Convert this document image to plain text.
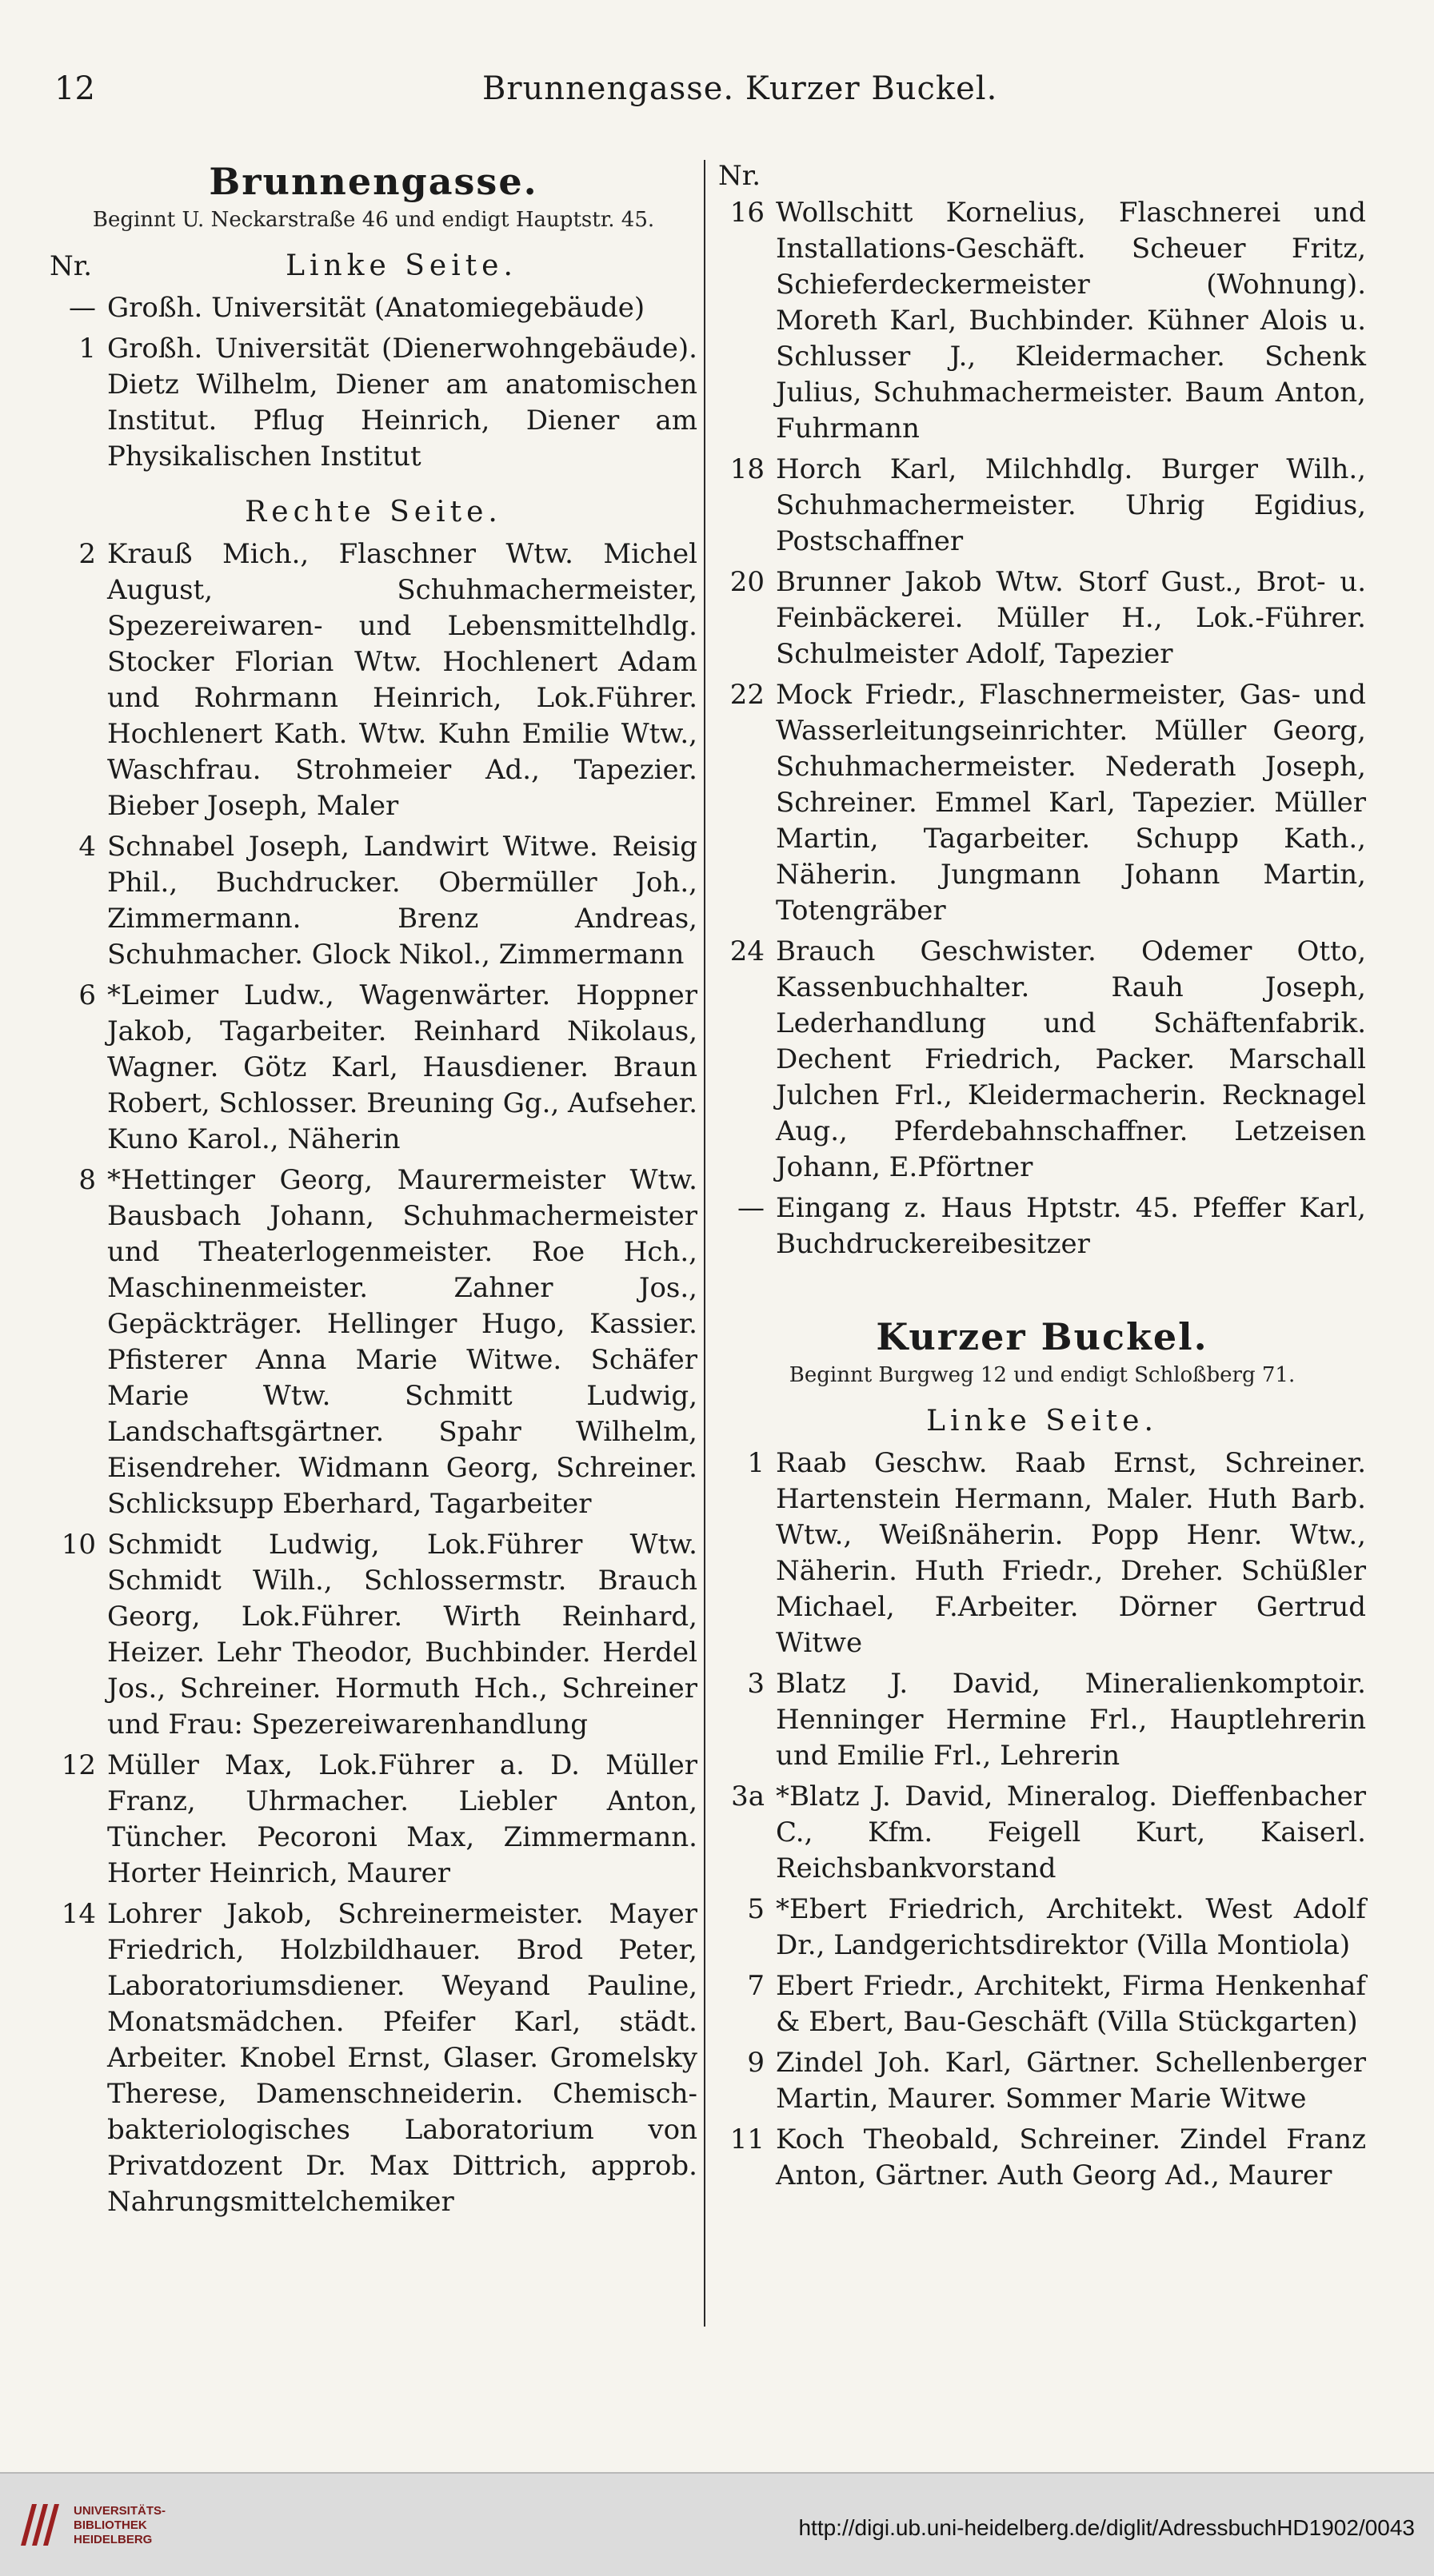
12	Brunnengasse. Kurzer Buckel.
Brunnengasse.
Beginnt U. Neckarstraße 46 und endigt Hauptstr. 45.
Nr.	Linke Seite.
— Großh. Universität (Anatomiegebäude)
1 Großh. Universität (Dienerwohngebäude). Dietz Wilhelm, Diener am anatomischen Institut. Pflug Heinrich, Diener am Physikalischen Institut
Rechte Seite.
2 Krauß Mich., Flaschner Wtw. Michel August, Schuhmachermeister, Spezereiwaren- und Lebensmittelhdlg. Stocker Florian Wtw. Hochlenert Adam und Rohrmann Heinrich, Lok.Führer. Hochlenert Kath. Wtw. Kuhn Emilie Wtw., Waschfrau. Strohmeier Ad., Tapezier. Bieber Joseph, Maler
4 Schnabel Joseph, Landwirt Witwe. Reisig Phil., Buchdrucker. Obermüller Joh., Zimmermann. Brenz Andreas, Schuhmacher. Glock Nikol., Zimmermann
6 *Leimer Ludw., Wagenwärter. Hoppner Jakob, Tagarbeiter. Reinhard Nikolaus, Wagner. Götz Karl, Hausdiener. Braun Robert, Schlosser. Breuning Gg., Aufseher. Kuno Karol., Näherin
8 *Hettinger Georg, Maurermeister Wtw. Bausbach Johann, Schuhmachermeister und Theaterlogenmeister. Roe Hch., Maschinenmeister. Zahner Jos., Gepäckträger. Hellinger Hugo, Kassier. Pfisterer Anna Marie Witwe. Schäfer Marie Wtw. Schmitt Ludwig, Landschaftsgärtner. Spahr Wilhelm, Eisendreher. Widmann Georg, Schreiner. Schlicksupp Eberhard, Tagarbeiter
10 Schmidt Ludwig, Lok.Führer Wtw. Schmidt Wilh., Schlossermstr. Brauch Georg, Lok.Führer. Wirth Reinhard, Heizer. Lehr Theodor, Buchbinder. Herdel Jos., Schreiner. Hormuth Hch., Schreiner und Frau: Spezereiwarenhandlung
12 Müller Max, Lok.Führer a. D. Müller Franz, Uhrmacher. Liebler Anton, Tüncher. Pecoroni Max, Zimmermann. Horter Heinrich, Maurer
14 Lohrer Jakob, Schreinermeister. Mayer Friedrich, Holzbildhauer. Brod Peter, Laboratoriumsdiener. Weyand Pauline, Monatsmädchen. Pfeifer Karl, städt. Arbeiter. Knobel Ernst, Glaser. Gromelsky Therese, Damenschneiderin. Chemisch-bakteriologisches Laboratorium von Privatdozent Dr. Max Dittrich, approb. Nahrungsmittelchemiker
Nr.
16 Wollschitt Kornelius, Flaschnerei und Installations-Geschäft. Scheuer Fritz, Schieferdeckermeister (Wohnung). Moreth Karl, Buchbinder. Kühner Alois u. Schlusser J., Kleidermacher. Schenk Julius, Schuhmachermeister. Baum Anton, Fuhrmann
18 Horch Karl, Milchhdlg. Burger Wilh., Schuhmachermeister. Uhrig Egidius, Postschaffner
20 Brunner Jakob Wtw. Storf Gust., Brot- u. Feinbäckerei. Müller H., Lok.-Führer. Schulmeister Adolf, Tapezier
22 Mock Friedr., Flaschnermeister, Gas- und Wasserleitungseinrichter. Müller Georg, Schuhmachermeister. Nederath Joseph, Schreiner. Emmel Karl, Tapezier. Müller Martin, Tagarbeiter. Schupp Kath., Näherin. Jungmann Johann Martin, Totengräber
24 Brauch Geschwister. Odemer Otto, Kassenbuchhalter. Rauh Joseph, Lederhandlung und Schäftenfabrik. Dechent Friedrich, Packer. Marschall Julchen Frl., Kleidermacherin. Recknagel Aug., Pferdebahnschaffner. Letzeisen Johann, E.Pförtner
— Eingang z. Haus Hptstr. 45. Pfeffer Karl, Buchdruckereibesitzer
Kurzer Buckel.
Beginnt Burgweg 12 und endigt Schloßberg 71.
Linke Seite.
1 Raab Geschw. Raab Ernst, Schreiner. Hartenstein Hermann, Maler. Huth Barb. Wtw., Weißnäherin. Popp Henr. Wtw., Näherin. Huth Friedr., Dreher. Schüßler Michael, F.Arbeiter. Dörner Gertrud Witwe
3 Blatz J. David, Mineralienkomptoir. Henninger Hermine Frl., Hauptlehrerin und Emilie Frl., Lehrerin
3a *Blatz J. David, Mineralog. Dieffenbacher C., Kfm. Feigell Kurt, Kaiserl. Reichsbankvorstand
5 *Ebert Friedrich, Architekt. West Adolf Dr., Landgerichtsdirektor (Villa Montiola)
7 Ebert Friedr., Architekt, Firma Henkenhaf & Ebert, Bau-Geschäft (Villa Stückgarten)
9 Zindel Joh. Karl, Gärtner. Schellenberger Martin, Maurer. Sommer Marie Witwe
11 Koch Theobald, Schreiner. Zindel Franz Anton, Gärtner. Auth Georg Ad., Maurer
UNIVERSITÄTS-
BIBLIOTHEK
HEIDELBERG	http://digi.ub.uni-heidelberg.de/diglit/AdressbuchHD1902/0043
